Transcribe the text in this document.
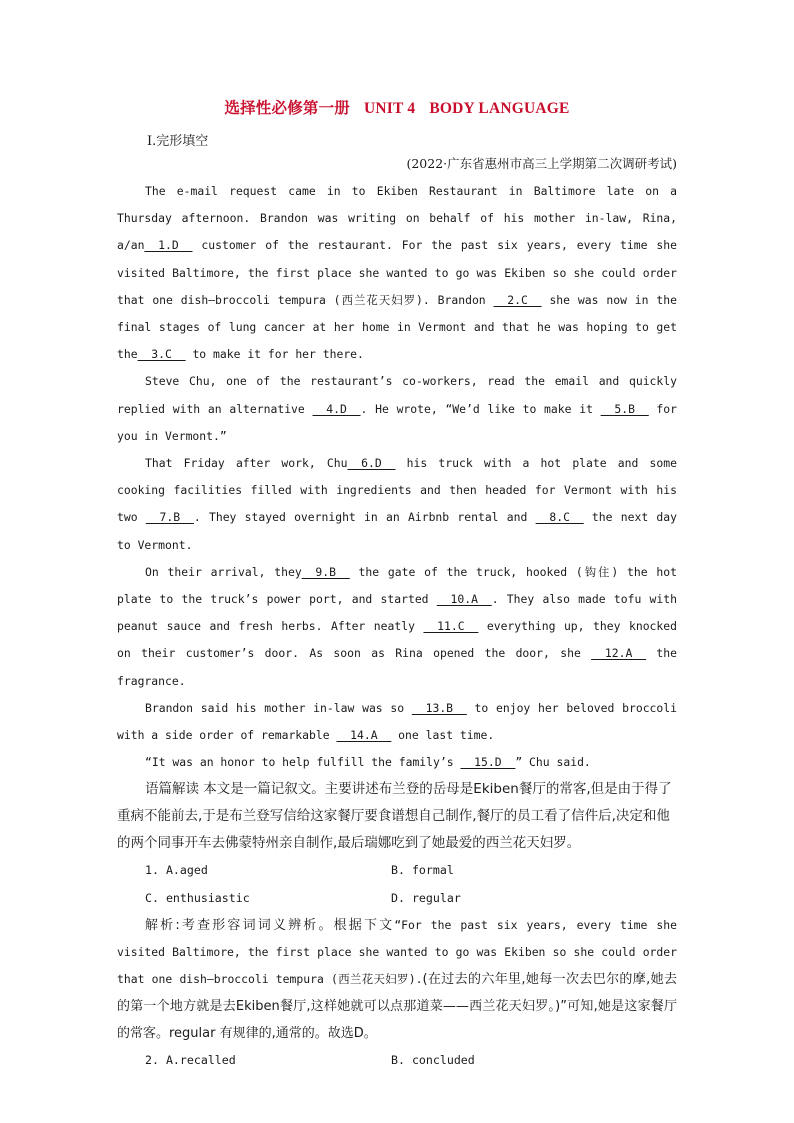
选择性必修第一册 UNIT 4 BODY LANGUAGE
Ⅰ.完形填空
(2022·广东省惠州市高三上学期第二次调研考试)

The e-mail request came in to Ekiben Restaurant in Baltimore late on a Thursday afternoon. Brandon was writing on behalf of his mother in-law, Rina, a/an__1.D__ customer of the restaurant. For the past six years, every time she visited Baltimore, the first place she wanted to go was Ekiben so she could order that one dish—broccoli tempura (西兰花天妇罗). Brandon __2.C__ she was now in the final stages of lung cancer at her home in Vermont and that he was hoping to get the__3.C__ to make it for her there.

Steve Chu, one of the restaurant’s co-workers, read the email and quickly replied with an alternative __4.D__. He wrote, “We’d like to make it __5.B__ for you in Vermont.”

That Friday after work, Chu__6.D__ his truck with a hot plate and some cooking facilities filled with ingredients and then headed for Vermont with his two __7.B__. They stayed overnight in an Airbnb rental and __8.C__ the next day to Vermont.

On their arrival, they__9.B__ the gate of the truck, hooked (钩住) the hot plate to the truck’s power port, and started __10.A__. They also made tofu with peanut sauce and fresh herbs. After neatly __11.C__ everything up, they knocked on their customer’s door. As soon as Rina opened the door, she __12.A__ the fragrance.

Brandon said his mother in-law was so __13.B__ to enjoy her beloved broccoli with a side order of remarkable __14.A__ one last time.

“It was an honor to help fulfill the family’s __15.D__” Chu said.

语篇解读 本文是一篇记叙文。主要讲述布兰登的岳母是Ekiben餐厅的常客,但是由于得了重病不能前去,于是布兰登写信给这家餐厅要食谱想自己制作,餐厅的员工看了信件后,决定和他的两个同事开车去佛蒙特州亲自制作,最后瑞娜吃到了她最爱的西兰花天妇罗。

1. A.aged	B. formal
C. enthusiastic	D. regular

解析:考查形容词词义辨析。根据下文“For the past six years, every time she visited Baltimore, the first place she wanted to go was Ekiben so she could order that one dish—broccoli tempura (西兰花天妇罗).(在过去的六年里,她每一次去巴尔的摩,她去的第一个地方就是去Ekiben餐厅,这样她就可以点那道菜——西兰花天妇罗。)”可知,她是这家餐厅的常客。regular 有规律的,通常的。故选D。

2. A.recalled	B. concluded
